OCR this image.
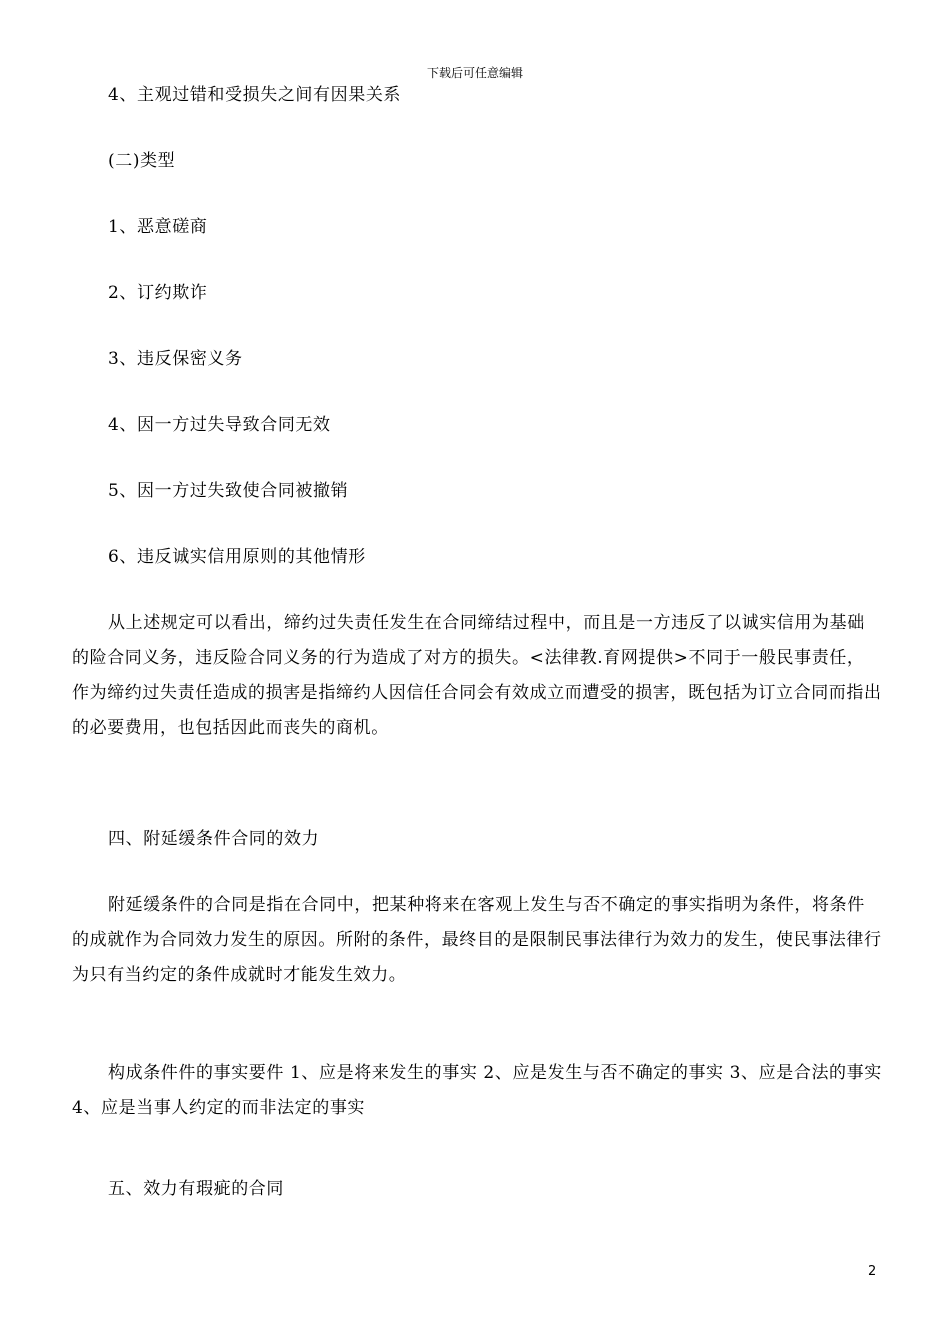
下载后可任意编辑

4、主观过错和受损失之间有因果关系

(二)类型

1、恶意磋商

2、订约欺诈

3、违反保密义务

4、因一方过失导致合同无效

5、因一方过失致使合同被撤销

6、违反诚实信用原则的其他情形

从上述规定可以看出，缔约过失责任发生在合同缔结过程中，而且是一方违反了以诚实信用为基础的险合同义务，违反险合同义务的行为造成了对方的损失。<法律教.育网提供>不同于一般民事责任，作为缔约过失责任造成的损害是指缔约人因信任合同会有效成立而遭受的损害，既包括为订立合同而指出的必要费用，也包括因此而丧失的商机。

四、附延缓条件合同的效力

附延缓条件的合同是指在合同中，把某种将来在客观上发生与否不确定的事实指明为条件，将条件的成就作为合同效力发生的原因。所附的条件，最终目的是限制民事法律行为效力的发生，使民事法律行为只有当约定的条件成就时才能发生效力。

构成条件件的事实要件 1、应是将来发生的事实 2、应是发生与否不确定的事实 3、应是合法的事实 4、应是当事人约定的而非法定的事实

五、效力有瑕疵的合同

2
